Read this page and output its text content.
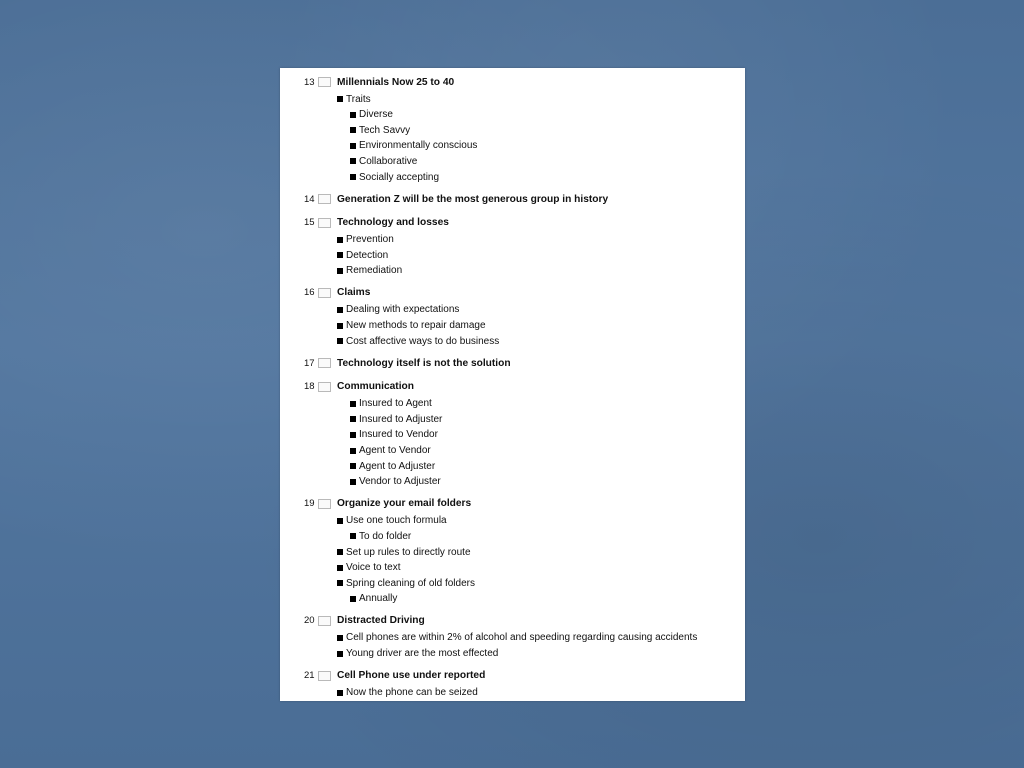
13	Millennials Now 25 to 40
Traits
Diverse
Tech Savvy
Environmentally conscious
Collaborative
Socially accepting
14	Generation Z will be the most generous group in history
15	Technology and losses
Prevention
Detection
Remediation
16	Claims
Dealing with expectations
New methods to repair damage
Cost affective ways to do business
17	Technology itself is not the solution
18	Communication
Insured to Agent
Insured to Adjuster
Insured to Vendor
Agent to Vendor
Agent to Adjuster
Vendor to Adjuster
19	Organize your email folders
Use one touch formula
To do folder
Set up rules to directly route
Voice to text
Spring cleaning of old folders
Annually
20	Distracted Driving
Cell phones are within 2% of alcohol and speeding regarding causing accidents
Young driver are the most effected
21	Cell Phone use under reported
Now the phone can be seized
